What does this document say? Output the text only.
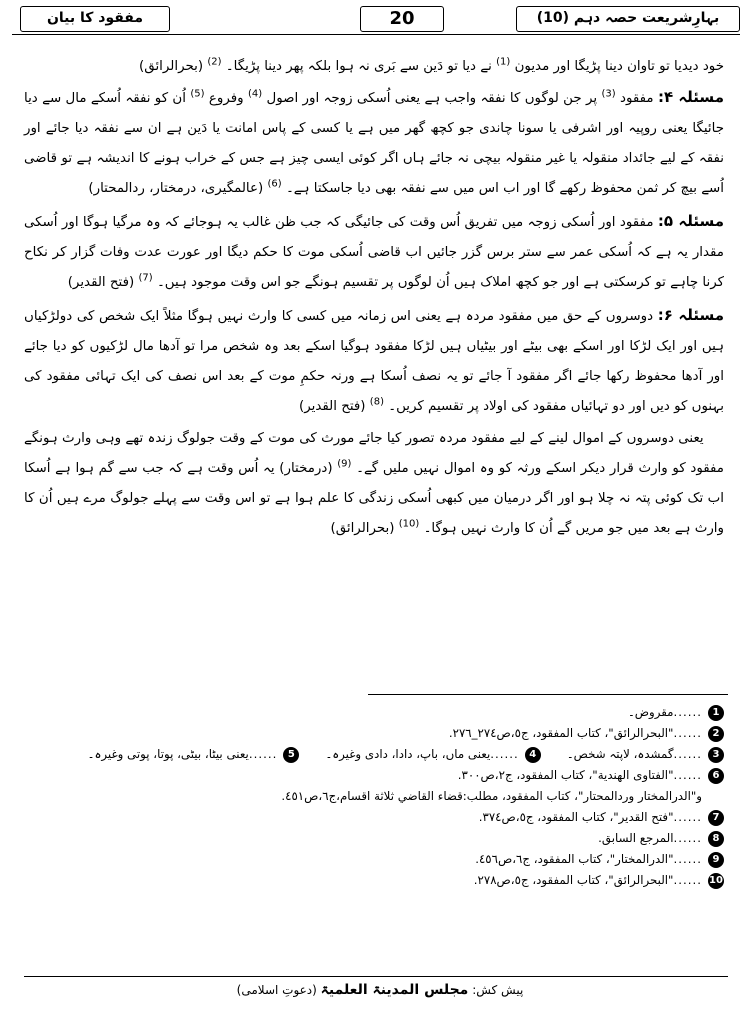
بہارِشریعت حصہ دہم (10)
20
مفقود کا بیان

خود دیدیا تو تاوان دینا پڑیگا اور مدیون $^{(1)}$ نے دیا تو دَین سے بَری نہ ہوا بلکہ پھر دینا پڑیگا۔ $^{(2)}$ (بحرالرائق)

مسئلہ ۴: مفقود $^{(3)}$ پر جن لوگوں کا نفقہ واجب ہے یعنی اُسکی زوجہ اور اصول $^{(4)}$ وفروع $^{(5)}$ اُن کو نفقہ اُسکے مال سے دیا جائیگا یعنی روپیہ اور اشرفی یا سونا چاندی جو کچھ گھر میں ہے یا کسی کے پاس امانت یا دَین ہے ان سے نفقہ دیا جائے اور نفقہ کے لیے جائداد منقولہ یا غیر منقولہ بیچی نہ جائے ہاں اگر کوئی ایسی چیز ہے جس کے خراب ہونے کا اندیشہ ہے تو قاضی اُسے بیچ کر ثمن محفوظ رکھے گا اور اب اس میں سے نفقہ بھی دیا جاسکتا ہے۔ $^{(6)}$ (عالمگیری، درمختار، ردالمحتار)

مسئلہ ۵: مفقود اور اُسکی زوجہ میں تفریق اُس وقت کی جائیگی کہ جب ظن غالب یہ ہوجائے کہ وہ مرگیا ہوگا اور اُسکی مقدار یہ ہے کہ اُسکی عمر سے ستر برس گزر جائیں اب قاضی اُسکی موت کا حکم دیگا اور عورت عدت وفات گزار کر نکاح کرنا چاہے تو کرسکتی ہے اور جو کچھ املاک ہیں اُن لوگوں پر تقسیم ہونگے جو اس وقت موجود ہیں۔ $^{(7)}$ (فتح القدیر)

مسئلہ ۶: دوسروں کے حق میں مفقود مردہ ہے یعنی اس زمانہ میں کسی کا وارث نہیں ہوگا مثلاً ایک شخص کی دولڑکیاں ہیں اور ایک لڑکا اور اسکے بھی بیٹے اور بیٹیاں ہیں لڑکا مفقود ہوگیا اسکے بعد وہ شخص مرا تو آدھا مال لڑکیوں کو دیا جائے اور آدھا محفوظ رکھا جائے اگر مفقود آ جائے تو یہ نصف اُسکا ہے ورنہ حکمِ موت کے بعد اس نصف کی ایک تہائی مفقود کی بہنوں کو دیں اور دو تہائیاں مفقود کی اولاد پر تقسیم کریں۔ $^{(8)}$ (فتح القدیر)

یعنی دوسروں کے اموال لینے کے لیے مفقود مردہ تصور کیا جائے مورث کی موت کے وقت جولوگ زندہ تھے وہی وارث ہونگے مفقود کو وارث قرار دیکر اسکے ورثہ کو وہ اموال نہیں ملیں گے۔ $^{(9)}$ (درمختار) یہ اُس وقت ہے کہ جب سے گم ہوا ہے اُسکا اب تک کوئی پتہ نہ چلا ہو اور اگر درمیان میں کبھی اُسکی زندگی کا علم ہوا ہے تو اس وقت سے پہلے جولوگ مرے ہیں اُن کا وارث ہے بعد میں جو مریں گے اُن کا وارث نہیں ہوگا۔ $^{(10)}$ (بحرالرائق)

1
......
مقروض۔
2
......
"البحرالرائق"، كتاب المفقود، ج٥،ص٢٧٤_٢٧٦.
3
......
گمشدہ، لاپتہ شخص۔
4
......
یعنی ماں، باپ، دادا، دادی وغیرہ۔
5
......
یعنی بیٹا، بیٹی، پوتا، پوتی وغیرہ۔
6
......
"الفتاوى الهندية"، كتاب المفقود، ج٢،ص٣٠٠.
و"الدرالمختار وردالمحتار"، كتاب المفقود، مطلب:قضاء القاضي ثلاثة اقسام،ج٦،ص٤٥١.
7
......
"فتح القدير"، كتاب المفقود، ج٥،ص٣٧٤.
8
......
المرجع السابق.
9
......
"الدرالمختار"، كتاب المفقود، ج٦،ص٤٥٦.
10
......
"البحرالرائق"، كتاب المفقود، ج٥،ص٢٧٨.
پیش کش: مجلس المدینۃ العلمیۃ (دعوتِ اسلامی)
